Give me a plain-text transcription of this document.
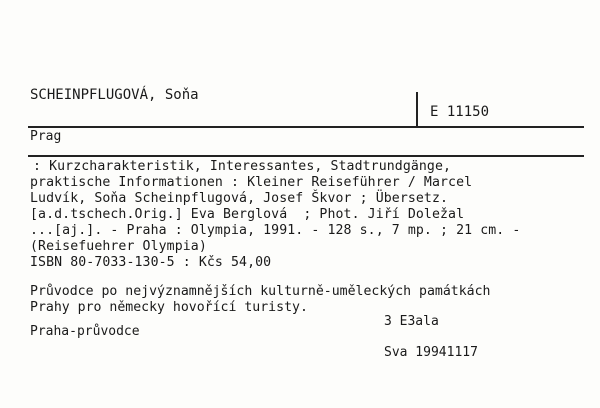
SCHEINPFLUGOVÁ, Soňa
E 11150
Prag
: Kurzcharakteristik, Interessantes, Stadtrundgänge,
praktische Informationen : Kleiner Reiseführer / Marcel
Ludvík, Soňa Scheinpflugová, Josef Škvor ; Übersetz.
[a.d.tschech.Orig.] Eva Berglová  ; Phot. Jiří Doležal
...[aj.]. - Praha : Olympia, 1991. - 128 s., 7 mp. ; 21 cm. -
(Reisefuehrer Olympia)
ISBN 80-7033-130-5 : Kčs 54,00
Průvodce po nejvýznamnějších kulturně-uměleckých památkách
Prahy pro německy hovořící turisty.
3 E3ala
Praha-průvodce
Sva 19941117
